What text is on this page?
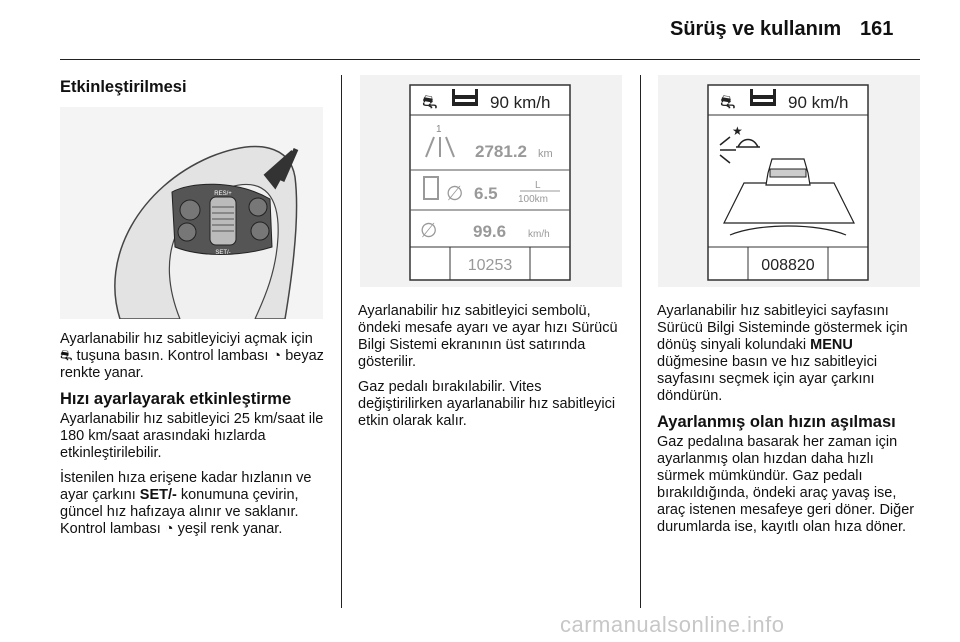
Sürüş ve kullanım 161
Etkinleştirilmesi
RES/+
SET/-

Ayarlanabilir hız sabitleyiciyi açmak için ⛐ tuşuna basın. Kontrol lambası ◔ beyaz renkte yanar.

Hızı ayarlayarak etkinleştirme

Ayarlanabilir hız sabitleyici 25 km/saat ile 180 km/saat arasındaki hızlarda etkinleştirilebilir.

İstenilen hıza erişene kadar hızlanın ve ayar çarkını SET/- konumuna çevirin, güncel hız hafızaya alınır ve saklanır. Kontrol lambası ◔ yeşil renk yanar.

⛐	90 km/h
1
2781.2 km
∅ 6.5	L
100km
∅ 99.6 km/h
10253

Ayarlanabilir hız sabitleyici sembolü, öndeki mesafe ayarı ve ayar hızı Sürücü Bilgi Sistemi ekranının üst satırında gösterilir.

Gaz pedalı bırakılabilir. Vites değiştirilirken ayarlanabilir hız sabitleyici etkin olarak kalır.

⛐	90 km/h
★
008820

Ayarlanabilir hız sabitleyici sayfasını Sürücü Bilgi Sisteminde göstermek için dönüş sinyali kolundaki MENU düğmesine basın ve hız sabitleyici sayfasını seçmek için ayar çarkını döndürün.

Ayarlanmış olan hızın aşılması

Gaz pedalına basarak her zaman için ayarlanmış olan hızdan daha hızlı sürmek mümkündür. Gaz pedalı bırakıldığında, öndeki araç yavaş ise, araç istenen mesafeye geri döner. Diğer durumlarda ise, kayıtlı olan hıza döner.

carmanualsonline.info
